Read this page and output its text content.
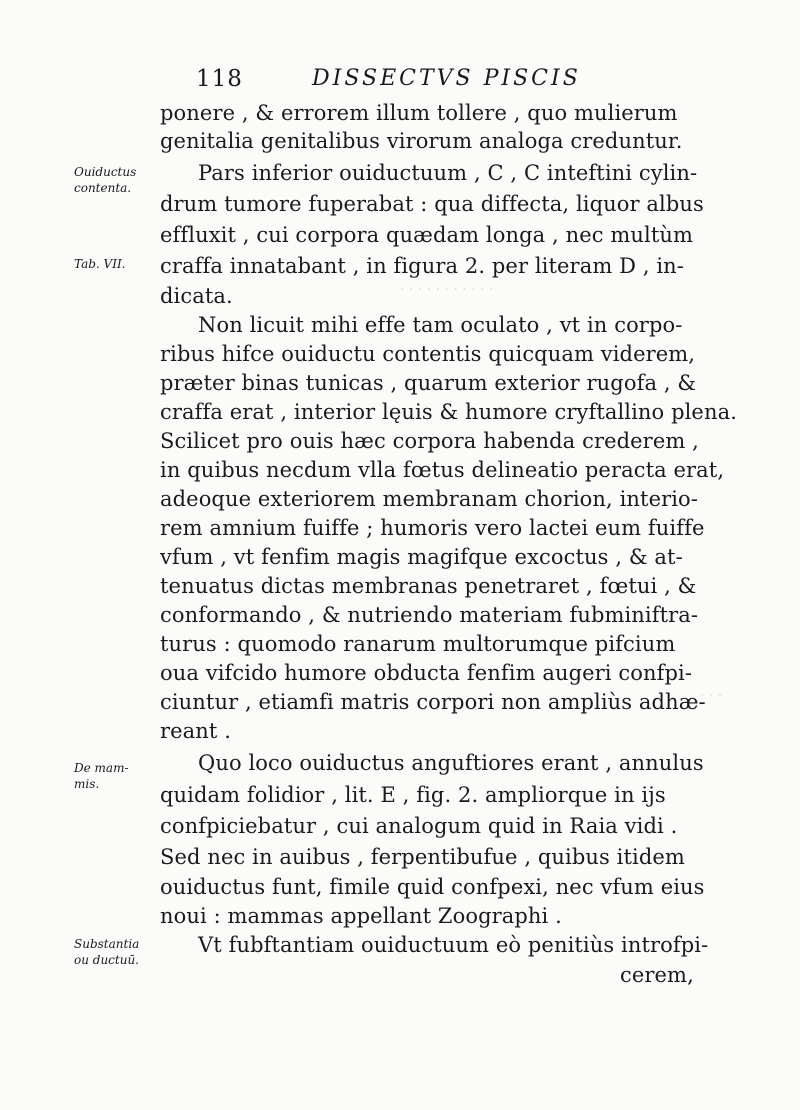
· · · · · · · · · · ·
· · ·
118	DISSECTVS PISCIS
Ouiductus
contenta.
Tab. VII.
De mam-
mis.
Substantia
ou ductuū.
ponere , & errorem illum tollere , quo mulierum
genitalia genitalibus virorum analoga creduntur.
Pars inferior ouiductuum , C , C inteftini cylin-
drum tumore fuperabat : qua diffecta, liquor albus
effluxit , cui corpora quædam longa , nec multùm
craffa innatabant , in figura 2. per literam D , in-
dicata.
Non licuit mihi effe tam oculato , vt in corpo-
ribus hifce ouiductu contentis quicquam viderem,
præter binas tunicas , quarum exterior rugofa , &
craffa erat , interior lęuis & humore cryftallino plena.
Scilicet pro ouis hæc corpora habenda crederem ,
in quibus necdum vlla fœtus delineatio peracta erat,
adeoque exteriorem membranam chorion, interio-
rem amnium fuiffe ; humoris vero lactei eum fuiffe
vfum , vt fenfim magis magifque excoctus , & at-
tenuatus dictas membranas penetraret , fœtui , &
conformando , & nutriendo materiam fubminiftra-
turus : quomodo ranarum multorumque pifcium
oua vifcido humore obducta fenfim augeri confpi-
ciuntur , etiamfi matris corpori non ampliùs adhæ-
reant .
Quo loco ouiductus anguftiores erant , annulus
quidam folidior , lit. E , fig. 2. ampliorque in ijs
confpiciebatur , cui analogum quid in Raia vidi .
Sed nec in auibus , ferpentibufue , quibus itidem
ouiductus funt, fimile quid confpexi, nec vfum eius
noui : mammas appellant Zoographi .
Vt fubftantiam ouiductuum eò penitiùs introfpi-
cerem,
